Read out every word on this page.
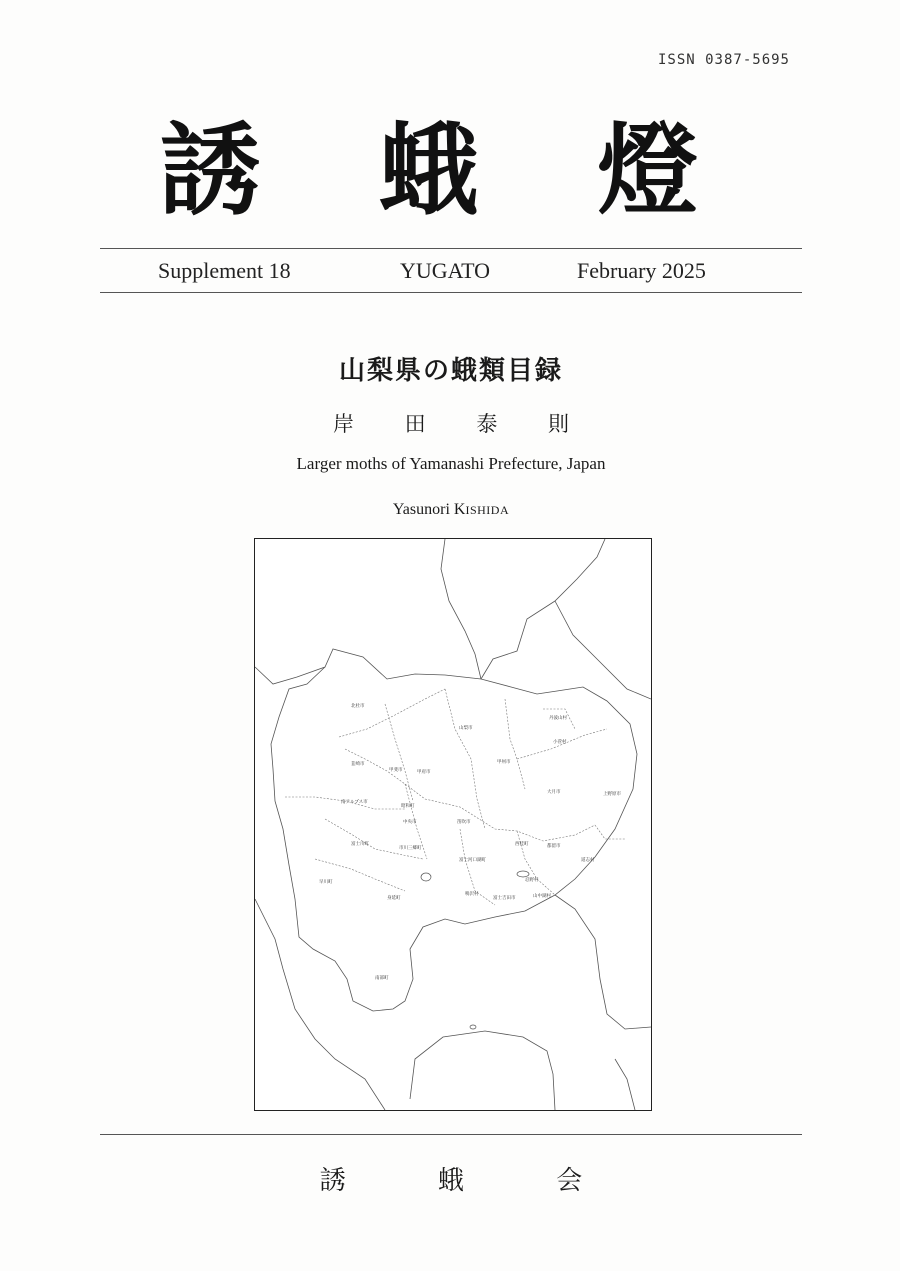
ISSN 0387-5695
誘 蛾 燈
Supplement 18	YUGATO	February 2025
山梨県の蛾類目録
岸 田 泰 則
Larger moths of Yamanashi Prefecture, Japan
Yasunori KISHIDA
北杜市
山梨市
丹波山村
小菅村
韮崎市
甲斐市	甲府市
甲州市
南アルプス市
昭和町
中央市	笛吹市
大月市	上野原市
富士川町
市川三郷町
富士河口湖町
西桂町	都留市
道志村
早川町
身延町
忍野村
鳴沢村
富士吉田市	山中湖村
南部町
誘 蛾 会
